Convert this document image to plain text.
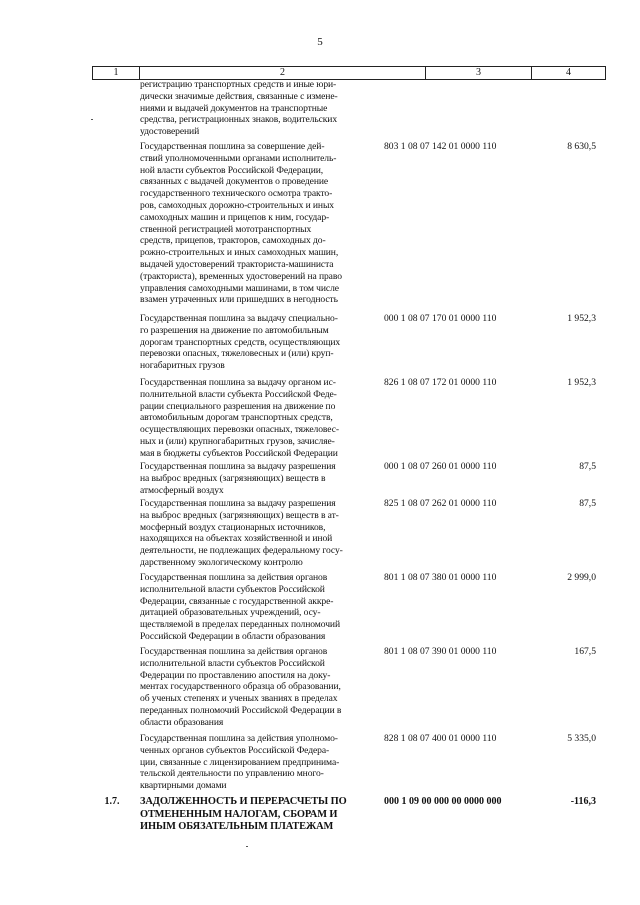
5
1	2	3	4
регистрацию транспортных средств и иные юри-
дически значимые действия, связанные с измене-
ниями и выдачей документов на транспортные
средства, регистрационных знаков, водительских
удостоверений
Государственная пошлина за совершение дей-
ствий уполномоченными органами исполнитель-
ной власти субъектов Российской Федерации,
связанных с выдачей документов о проведение
государственного технического осмотра тракто-
ров, самоходных дорожно-строительных и иных
самоходных машин и прицепов к ним, государ-
ственной регистрацией мототранспортных
средств, прицепов, тракторов, самоходных до-
рожно-строительных и иных самоходных машин,
выдачей удостоверений тракториста-машиниста
(тракториста), временных удостоверений на право
управления самоходными машинами, в том числе
взамен утраченных или пришедших в негодность
803 1 08 07 142 01 0000 110	8 630,5
Государственная пошлина за выдачу специально-
го разрешения на движение по автомобильным
дорогам транспортных средств, осуществляющих
перевозки опасных, тяжеловесных и (или) круп-
ногабаритных грузов
000 1 08 07 170 01 0000 110	1 952,3
Государственная пошлина за выдачу органом ис-
полнительной власти субъекта Российской Феде-
рации специального разрешения на движение по
автомобильным дорогам транспортных средств,
осуществляющих перевозки опасных, тяжеловес-
ных и (или) крупногабаритных грузов, зачисляе-
мая в бюджеты субъектов Российской Федерации
826 1 08 07 172 01 0000 110	1 952,3
Государственная пошлина за выдачу разрешения
на выброс вредных (загрязняющих) веществ в
атмосферный воздух
000 1 08 07 260 01 0000 110	87,5
Государственная пошлина за выдачу разрешения
на выброс вредных (загрязняющих) веществ в ат-
мосферный воздух стационарных источников,
находящихся на объектах хозяйственной и иной
деятельности, не подлежащих федеральному госу-
дарственному экологическому контролю
825 1 08 07 262 01 0000 110	87,5
Государственная пошлина за действия органов
исполнительной власти субъектов Российской
Федерации, связанные с государственной аккре-
дитацией образовательных учреждений, осу-
ществляемой в пределах переданных полномочий
Российской Федерации в области образования
801 1 08 07 380 01 0000 110	2 999,0
Государственная пошлина за действия органов
исполнительной власти субъектов Российской
Федерации по проставлению апостиля на доку-
ментах государственного образца об образовании,
об ученых степенях и ученых званиях в пределах
переданных полномочий Российской Федерации в
области образования
801 1 08 07 390 01 0000 110	167,5
Государственная пошлина за действия уполномо-
ченных органов субъектов Российской Федера-
ции, связанные с лицензированием предпринима-
тельской деятельности по управлению много-
квартирными домами
828 1 08 07 400 01 0000 110	5 335,0
1.7.	ЗАДОЛЖЕННОСТЬ И ПЕРЕРАСЧЕТЫ ПО
ОТМЕНЕННЫМ НАЛОГАМ, СБОРАМ И
ИНЫМ ОБЯЗАТЕЛЬНЫМ ПЛАТЕЖАМ
000 1 09 00 000 00 0000 000	-116,3
